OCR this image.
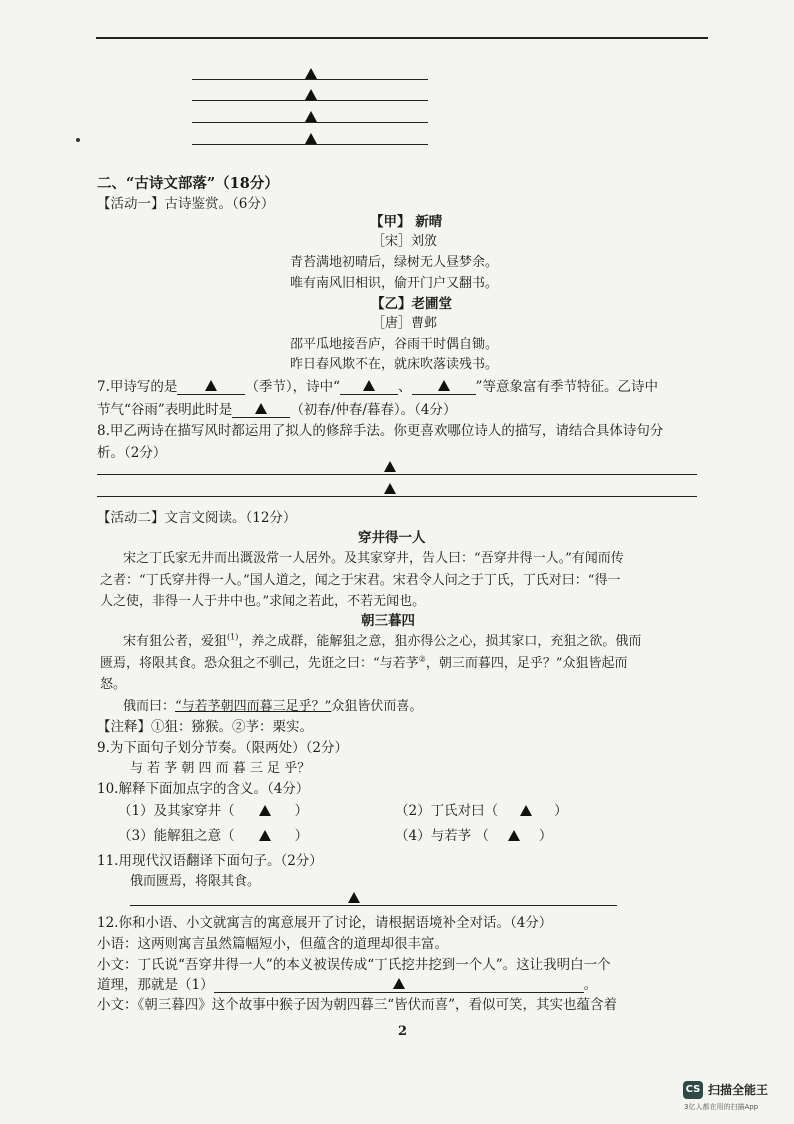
二、“古诗文部落”（18分）
【活动一】古诗鉴赏。（6分）
【甲】 新晴
［宋］刘攽
青苔满地初晴后，绿树无人昼梦余。
唯有南风旧相识，偷开门户又翻书。
【乙】老圃堂
［唐］曹邺
邵平瓜地接吾庐，谷雨干时偶自锄。
昨日春风欺不在，就床吹落读残书。
7.甲诗写的是	（季节），诗中“	、	”等意象富有季节特征。乙诗中
节气“谷雨”表明此时是	（初春/仲春/暮春）。（4分）
8.甲乙两诗在描写风时都运用了拟人的修辞手法。你更喜欢哪位诗人的描写，请结合具体诗句分
析。（2分）
【活动二】文言文阅读。（12分）
穿井得一人
宋之丁氏家无井而出溉汲常一人居外。及其家穿井，告人曰：“吾穿井得一人。”有闻而传
之者：“丁氏穿井得一人。”国人道之，闻之于宋君。宋君令人问之于丁氏，丁氏对曰：“得一
人之使，非得一人于井中也。”求闻之若此，不若无闻也。
朝三暮四
宋有狙公者，爱狙$^{(1)}$，养之成群，能解狙之意，狙亦得公之心，损其家口，充狙之欲。俄而
匮焉，将限其食。恐众狙之不驯己，先诳之曰：“与若芧②，朝三而暮四，足乎？”众狙皆起而
怒。
俄而曰：“与若芧朝四而暮三足乎？”众狙皆伏而喜。
【注释】①狙：猕猴。②芧：栗实。
9.为下面句子划分节奏。（限两处）（2分）
与 若 芧 朝 四 而 暮 三 足 乎？
10.解释下面加点字的含义。（4分）
（1）及其家穿井（	）	（2）丁氏对曰（	）
（3）能解狙之意（	）	（4）与若芧 （	）
11.用现代汉语翻译下面句子。（2分）
俄而匮焉，将限其食。
12.你和小语、小文就寓言的寓意展开了讨论，请根据语境补全对话。（4分）
小语：这两则寓言虽然篇幅短小，但蕴含的道理却很丰富。
小文：丁氏说“吾穿井得一人”的本义被误传成“丁氏挖井挖到一个人”。这让我明白一个
道理，那就是（1）	。
小文：《朝三暮四》这个故事中猴子因为朝四暮三“皆伏而喜”，看似可笑，其实也蕴含着
2
CS 扫描全能王
3亿人都在用的扫描App
